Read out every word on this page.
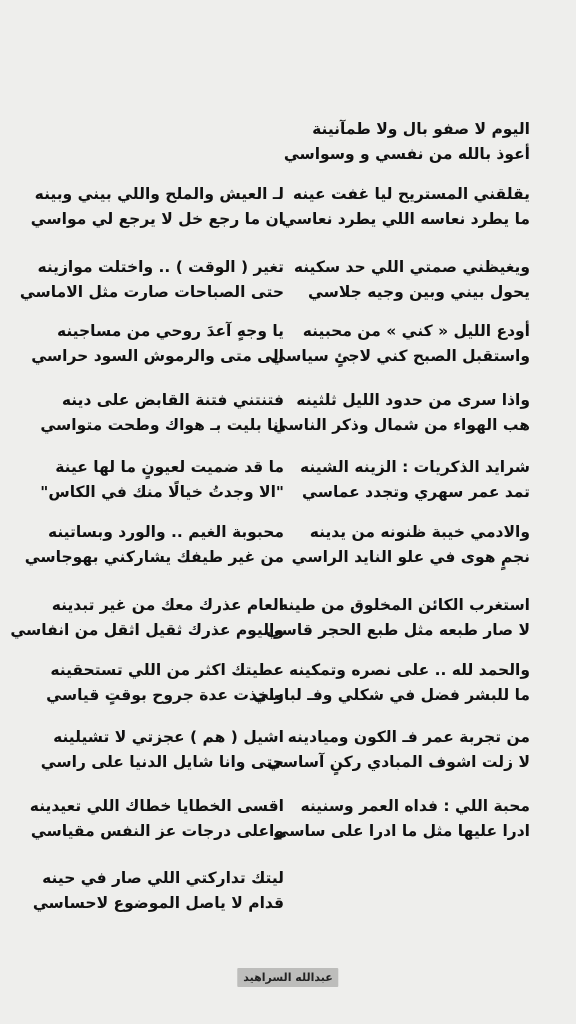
اليوم لا صفو بال ولا طمآنينة
أعوذ بالله من نفسي و وسواسي
يقلقني المستريح ليا غفت عينه
ما يطرد نعاسه اللي يطرد نعاسي
ويغيظني صمتي اللي حد سكينه
يحول بيني وبين وجيه جلاسي
أودع الليل « كني » من محبينه
واستقبل الصبح كني لاجئٍ سياسي
واذا سرى من حدود الليل ثلثينه
هب الهواء من شمال وذكر الناسي
شرايد الذكريات : الزينه الشينه
تمد عمر سهري وتجدد عماسي
والادمي خيبة ظنونه من يدينه
نجمٍ هوى في علو النايد الراسي
استغرب الكائن المخلوق من طينه
لا صار طبعه مثل طبع الحجر قاسي
والحمد لله .. على نصره وتمكينه
ما للبشر فضل في شكلي وفـ لباسي
من تجربة عمر فـ الكون وميادينه
لا زلت اشوف المبادي ركنٍ آساسي
محبة اللي : فداه العمر وسنينه
ادرا عليها مثل ما ادرا على ساسي
لـ العيش والملح واللي بيني وبينه
ان ما رجع خل لا يرجع لي مواسي
تغير ( الوقت ) .. واختلت موازينه
حتى الصباحات صارت مثل الاماسي
يا وجهٍ آعدَ روحي من مساجينه
الى متى والرموش السود حراسي
فتنتني فتنة القابض على دينه
انا بليت بـ هواك وطحت متواسي
ما قد ضميت لعيونٍ ما لها عينة
"الا وجدتُ خيالًا منك في الكاس"
محبوبة الغيم .. والورد وبساتينه
من غير طيفك يشاركني بهوجاسي
العام عذرك معك من غير تبدينه
واليوم عذرك ثقيل اثقل من انفاسي
عطيتك اكثر من اللي تستحقينه
واخذت عدة جروح بوقتٍ قياسي
اشيل ( هم ) عجزتي لا تشيلينه
حتى وانا شايل الدنيا على راسي
اقسى الخطايا خطاك اللي تعيدينه
واعلى درجات عز النفس مقياسي
ليتك تداركتي اللي صار في حينه
قدام لا ياصل الموضوع لاحساسي
عبدالله السراهيد
